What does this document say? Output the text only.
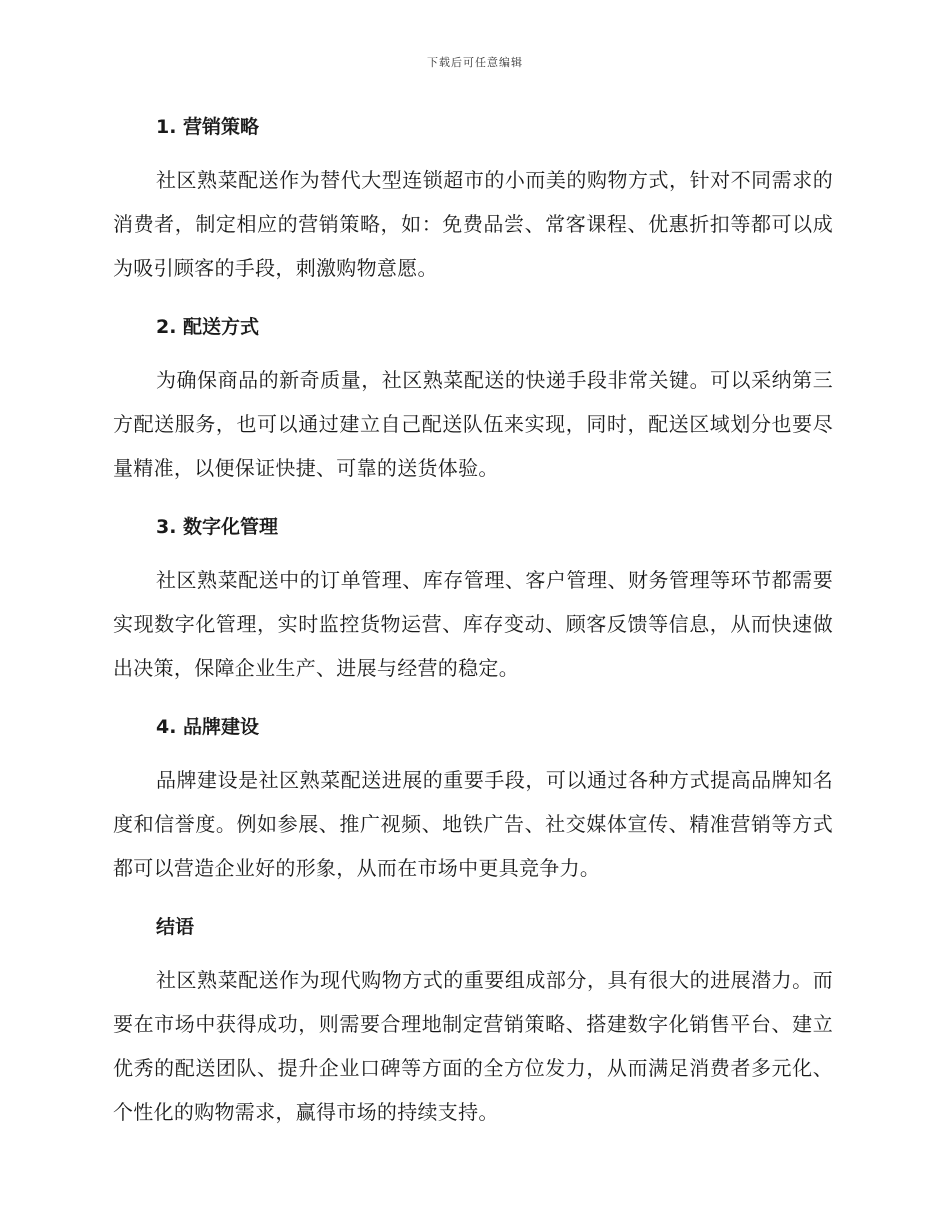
下载后可任意编辑
1. 营销策略

社区熟菜配送作为替代大型连锁超市的小而美的购物方式，针对不同需求的消费者，制定相应的营销策略，如：免费品尝、常客课程、优惠折扣等都可以成为吸引顾客的手段，刺激购物意愿。

2. 配送方式

为确保商品的新奇质量，社区熟菜配送的快递手段非常关键。可以采纳第三方配送服务，也可以通过建立自己配送队伍来实现，同时，配送区域划分也要尽量精准，以便保证快捷、可靠的送货体验。

3. 数字化管理

社区熟菜配送中的订单管理、库存管理、客户管理、财务管理等环节都需要实现数字化管理，实时监控货物运营、库存变动、顾客反馈等信息，从而快速做出决策，保障企业生产、进展与经营的稳定。

4. 品牌建设

品牌建设是社区熟菜配送进展的重要手段，可以通过各种方式提高品牌知名度和信誉度。例如参展、推广视频、地铁广告、社交媒体宣传、精准营销等方式都可以营造企业好的形象，从而在市场中更具竞争力。

结语

社区熟菜配送作为现代购物方式的重要组成部分，具有很大的进展潜力。而要在市场中获得成功，则需要合理地制定营销策略、搭建数字化销售平台、建立优秀的配送团队、提升企业口碑等方面的全方位发力，从而满足消费者多元化、个性化的购物需求，赢得市场的持续支持。
